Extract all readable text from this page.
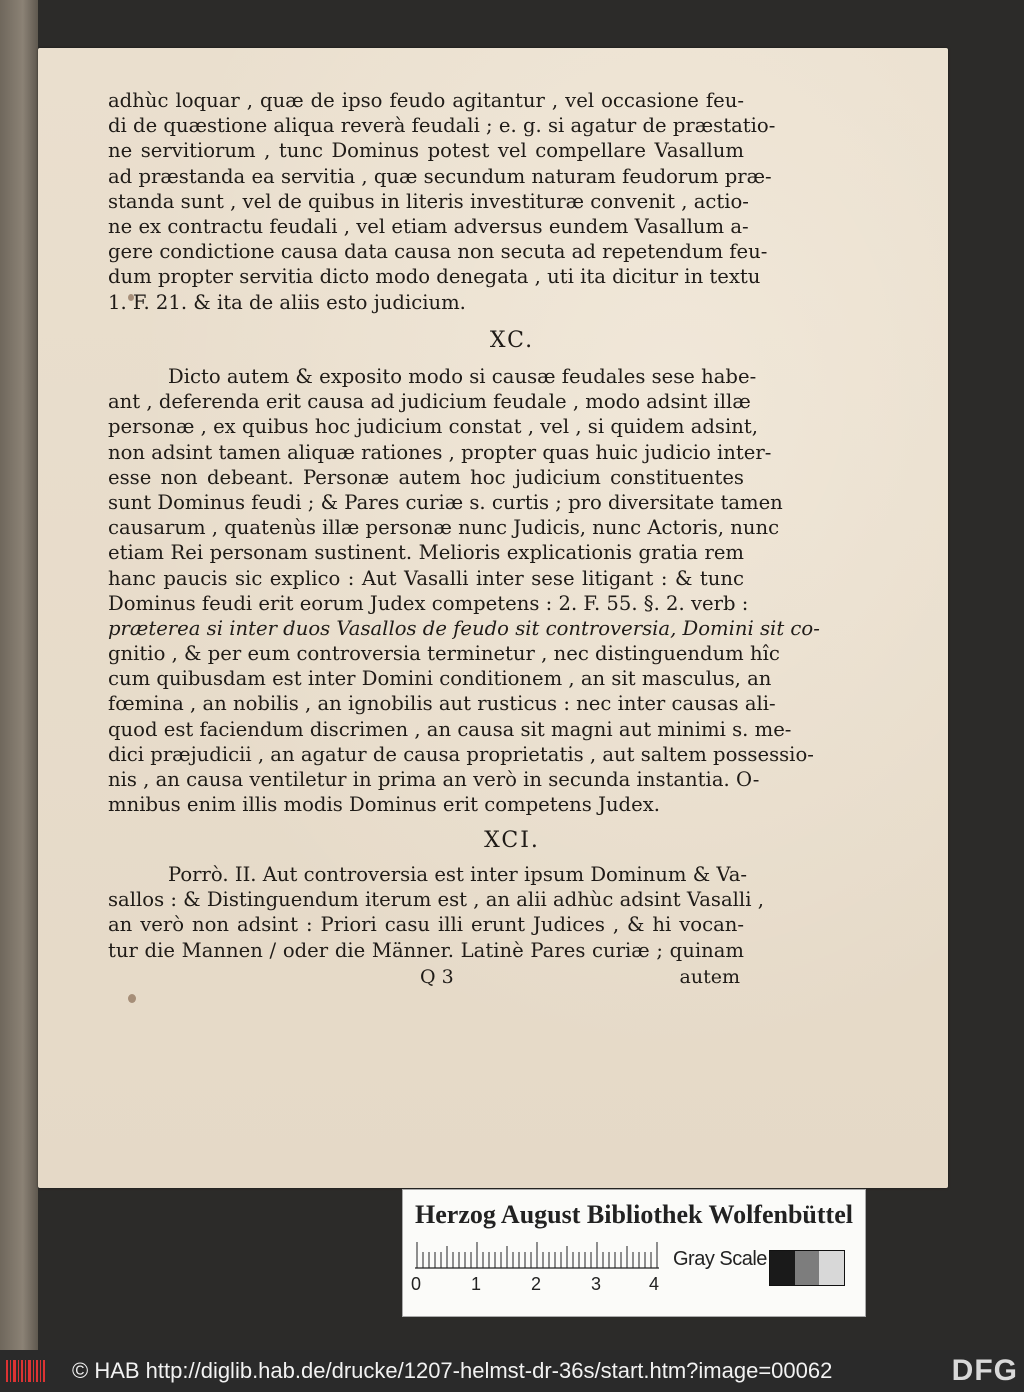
adhùc loquar , quæ de ipso feudo agitantur , vel occasione feu-
di de quæstione aliqua reverà feudali ; e. g. si agatur de præstatio-
ne servitiorum , tunc Dominus potest vel compellare Vasallum
ad præstanda ea servitia , quæ secundum naturam feudorum præ-
standa sunt , vel de quibus in literis investituræ convenit , actio-
ne ex contractu feudali , vel etiam adversus eundem Vasallum a-
gere condictione causa data causa non secuta ad repetendum feu-
dum propter servitia dicto modo denegata , uti ita dicitur in textu
1. F. 21. & ita de aliis esto judicium.
XC.
Dicto autem & exposito modo si causæ feudales sese habe-
ant , deferenda erit causa ad judicium feudale , modo adsint illæ
personæ , ex quibus hoc judicium constat , vel , si quidem adsint,
non adsint tamen aliquæ rationes , propter quas huic judicio inter-
esse non debeant. Personæ autem hoc judicium constituentes
sunt Dominus feudi ; & Pares curiæ s. curtis ; pro diversitate tamen
causarum , quatenùs illæ personæ nunc Judicis, nunc Actoris, nunc
etiam Rei personam sustinent. Melioris explicationis gratia rem
hanc paucis sic explico : Aut Vasalli inter sese litigant : & tunc
Dominus feudi erit eorum Judex competens : 2. F. 55. §. 2. verb :
præterea si inter duos Vasallos de feudo sit controversia, Domini sit co-
gnitio , & per eum controversia terminetur , nec distinguendum hîc
cum quibusdam est inter Domini conditionem , an sit masculus, an
fœmina , an nobilis , an ignobilis aut rusticus : nec inter causas ali-
quod est faciendum discrimen , an causa sit magni aut minimi s. me-
dici præjudicii , an agatur de causa proprietatis , aut saltem possessio-
nis , an causa ventiletur in prima an verò in secunda instantia. O-
mnibus enim illis modis Dominus erit competens Judex.
XCI.
Porrò. II. Aut controversia est inter ipsum Dominum & Va-
sallos : & Distinguendum iterum est , an alii adhùc adsint Vasalli ,
an verò non adsint : Priori casu illi erunt Judices , & hi vocan-
tur die Mannen / oder die Männer. Latinè Pares curiæ ; quinam
Q 3	autem
Herzog August Bibliothek Wolfenbüttel
0	1	2	3	4
Gray Scale
© HAB http://diglib.hab.de/drucke/1207-helmst-dr-36s/start.htm?image=00062	DFG
